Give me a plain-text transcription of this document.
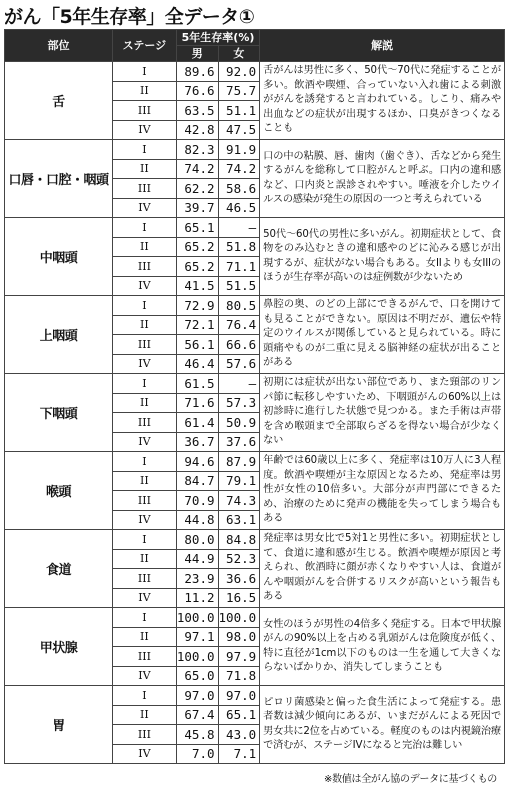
がん「5年生存率」全データ①
部位	ステージ	5年生存率(%)		解説
		男	女	
舌	I	89.6	92.0	舌がんは男性に多く、50代～70代に発症することが多い。飲酒や喫煙、合っていない入れ歯による刺激ががんを誘発すると言われている。しこり、痛みや出血などの症状が出現するほか、口臭がきつくなることも
	II	76.6	75.7	
	III	63.5	51.1	
	IV	42.8	47.5	
口唇・口腔・咽頭	I	82.3	91.9	口の中の粘膜、唇、歯肉（歯ぐき）、舌などから発生するがんを総称して口腔がんと呼ぶ。口内の違和感など、口内炎と誤診されやすい。唾液を介したウイルスの感染が発生の原因の一つと考えられている
	II	74.2	74.2	
	III	62.2	58.6	
	IV	39.7	46.5	
中咽頭	I	65.1	—	50代～60代の男性に多いがん。初期症状として、食物をのみ込むときの違和感やのどに沁みる感じが出現するが、症状がない場合もある。女IIよりも女IIIのほうが生存率が高いのは症例数が少ないため
	II	65.2	51.8	
	III	65.2	71.1	
	IV	41.5	51.5	
上咽頭	I	72.9	80.5	鼻腔の奥、のどの上部にできるがんで、口を開けても見ることができない。原因は不明だが、遺伝や特定のウイルスが関係していると見られている。時に頭痛やものが二重に見える脳神経の症状が出ることがある
	II	72.1	76.4	
	III	56.1	66.6	
	IV	46.4	57.6	
下咽頭	I	61.5	—	初期には症状が出ない部位であり、また頸部のリンパ節に転移しやすいため、下咽頭がんの60%以上は初診時に進行した状態で見つかる。また手術は声帯を含め喉頭まで全部取らざるを得ない場合が少なくない
	II	71.6	57.3	
	III	61.4	50.9	
	IV	36.7	37.6	
喉頭	I	94.6	87.9	年齢では60歳以上に多く、発症率は10万人に3人程度。飲酒や喫煙が主な原因となるため、発症率は男性が女性の10倍多い。大部分が声門部にできるため、治療のために発声の機能を失ってしまう場合もある
	II	84.7	79.1	
	III	70.9	74.3	
	IV	44.8	63.1	
食道	I	80.0	84.8	発症率は男女比で5対1と男性に多い。初期症状として、食道に違和感が生じる。飲酒や喫煙が原因と考えられ、飲酒時に顔が赤くなりやすい人は、食道がんや咽頭がんを合併するリスクが高いという報告もある
	II	44.9	52.3	
	III	23.9	36.6	
	IV	11.2	16.5	
甲状腺	I	100.0	100.0	女性のほうが男性の4倍多く発症する。日本で甲状腺がんの90%以上を占める乳頭がんは危険度が低く、特に直径が1cm以下のものは一生を通して大きくならないばかりか、消失してしまうことも
	II	97.1	98.0	
	III	100.0	97.9	
	IV	65.0	71.8	
胃	I	97.0	97.0	ピロリ菌感染と偏った食生活によって発症する。患者数は減少傾向にあるが、いまだがんによる死因で男女共に2位を占めている。軽度のものは内視鏡治療で済むが、ステージIVになると完治は難しい
	II	67.4	65.1	
	III	45.8	43.0	
	IV	7.0	7.1	
※数値は全がん協のデータに基づくもの
